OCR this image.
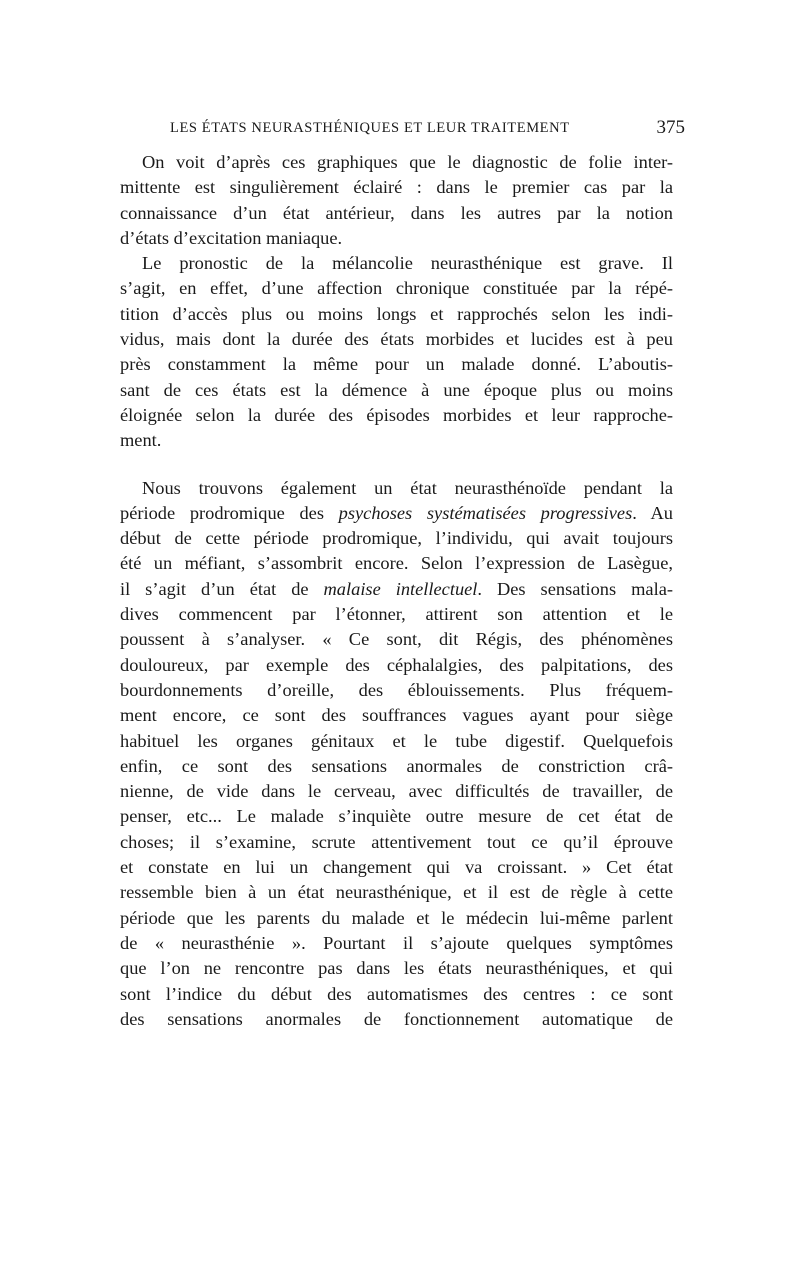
LES ÉTATS NEURASTHÉNIQUES ET LEUR TRAITEMENT	375
On voit d’après ces graphiques que le diagnostic de folie inter-
mittente est singulièrement éclairé : dans le premier cas par la
connaissance d’un état antérieur, dans les autres par la notion
d’états d’excitation maniaque.
Le pronostic de la mélancolie neurasthénique est grave. Il
s’agit, en effet, d’une affection chronique constituée par la répé-
tition d’accès plus ou moins longs et rapprochés selon les indi-
vidus, mais dont la durée des états morbides et lucides est à peu
près constamment la même pour un malade donné. L’aboutis-
sant de ces états est la démence à une époque plus ou moins
éloignée selon la durée des épisodes morbides et leur rapproche-
ment.
Nous trouvons également un état neurasthénoïde pendant la
période prodromique des psychoses systématisées progressives. Au
début de cette période prodromique, l’individu, qui avait toujours
été un méfiant, s’assombrit encore. Selon l’expression de Lasègue,
il s’agit d’un état de malaise intellectuel. Des sensations mala-
dives commencent par l’étonner, attirent son attention et le
poussent à s’analyser. « Ce sont, dit Régis, des phénomènes
douloureux, par exemple des céphalalgies, des palpitations, des
bourdonnements d’oreille, des éblouissements. Plus fréquem-
ment encore, ce sont des souffrances vagues ayant pour siège
habituel les organes génitaux et le tube digestif. Quelquefois
enfin, ce sont des sensations anormales de constriction crâ-
nienne, de vide dans le cerveau, avec difficultés de travailler, de
penser, etc... Le malade s’inquiète outre mesure de cet état de
choses; il s’examine, scrute attentivement tout ce qu’il éprouve
et constate en lui un changement qui va croissant. » Cet état
ressemble bien à un état neurasthénique, et il est de règle à cette
période que les parents du malade et le médecin lui-même parlent
de « neurasthénie ». Pourtant il s’ajoute quelques symptômes
que l’on ne rencontre pas dans les états neurasthéniques, et qui
sont l’indice du début des automatismes des centres : ce sont
des sensations anormales de fonctionnement automatique de
